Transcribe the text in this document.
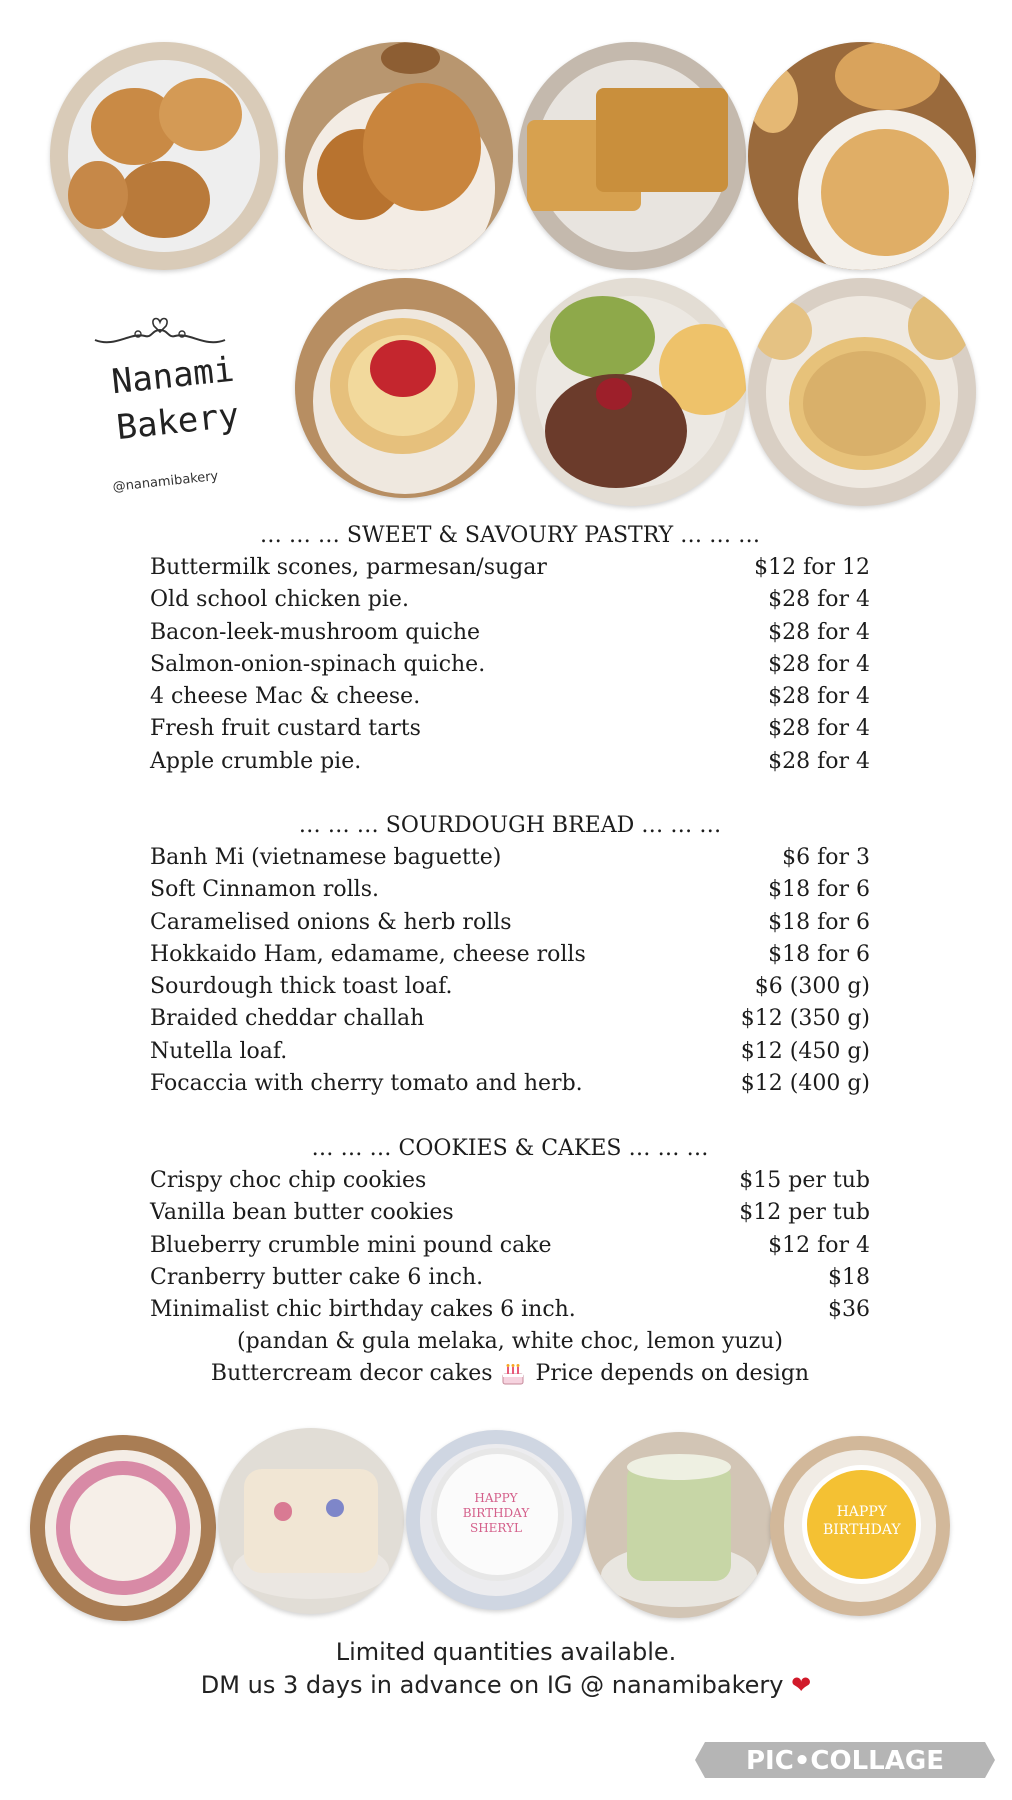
Nanami
Bakery
@nanamibakery
… … … SWEET & SAVOURY PASTRY … … …
Buttermilk scones, parmesan/sugar	$12 for 12
Old school chicken pie.	$28 for 4
Bacon-leek-mushroom quiche	$28 for 4
Salmon-onion-spinach quiche.	$28 for 4
4 cheese Mac & cheese.	$28 for 4
Fresh fruit custard tarts	$28 for 4
Apple crumble pie.	$28 for 4
… … … SOURDOUGH BREAD … … …
Banh Mi (vietnamese baguette)	$6 for 3
Soft Cinnamon rolls.	$18 for 6
Caramelised onions & herb rolls	$18 for 6
Hokkaido Ham, edamame, cheese rolls	$18 for 6
Sourdough thick toast loaf.	$6 (300 g)
Braided cheddar challah	$12 (350 g)
Nutella loaf.	$12 (450 g)
Focaccia with cherry tomato and herb.	$12 (400 g)
… … … COOKIES & CAKES … … …
Crispy choc chip cookies	$15 per tub
Vanilla bean butter cookies	$12 per tub
Blueberry crumble mini pound cake	$12 for 4
Cranberry butter cake 6 inch.	$18
Minimalist chic birthday cakes 6 inch.	$36
(pandan & gula melaka, white choc, lemon yuzu)
Buttercream decor cakes	Price depends on design
HAPPY BIRTHDAY SHERYL
HAPPY BIRTHDAY
Limited quantities available.
DM us 3 days in advance on IG @ nanamibakery ❤
PIC•COLLAGE
